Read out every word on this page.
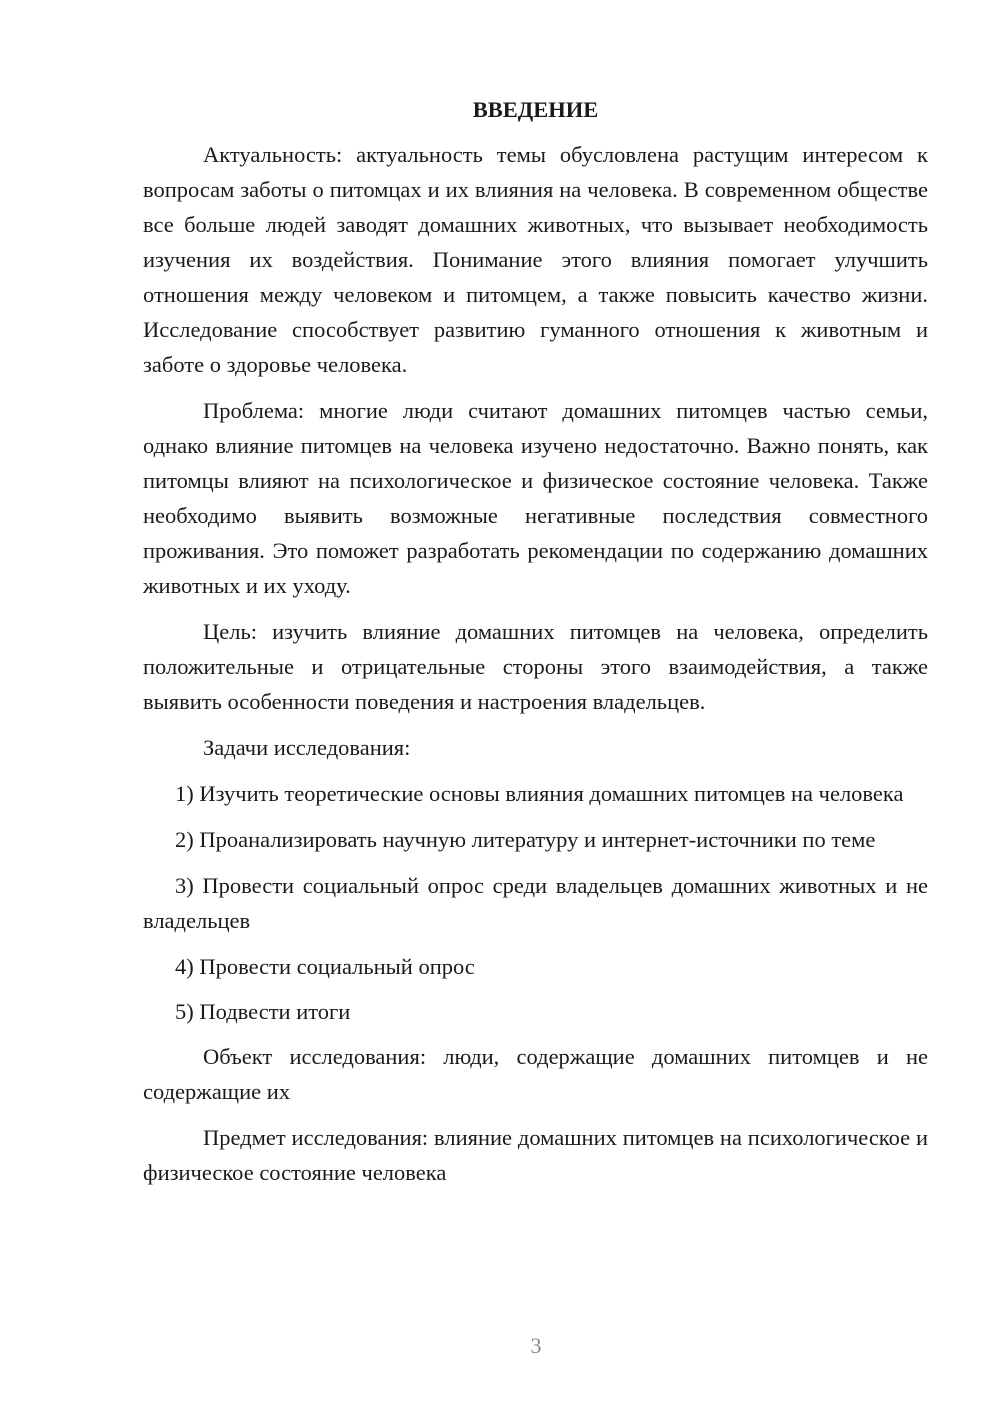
ВВЕДЕНИЕ

Актуальность: актуальность темы обусловлена растущим интересом к вопросам заботы о питомцах и их влияния на человека. В современном обществе все больше людей заводят домашних животных, что вызывает необходимость изучения их воздействия. Понимание этого влияния помогает улучшить отношения между человеком и питомцем, а также повысить качество жизни. Исследование способствует развитию гуманного отношения к животным и заботе о здоровье человека.

Проблема: многие люди считают домашних питомцев частью семьи, однако влияние питомцев на человека изучено недостаточно. Важно понять, как питомцы влияют на психологическое и физическое состояние человека. Также необходимо выявить возможные негативные последствия совместного проживания. Это поможет разработать рекомендации по содержанию домашних животных и их уходу.

Цель: изучить влияние домашних питомцев на человека, определить положительные и отрицательные стороны этого взаимодействия, а также выявить особенности поведения и настроения владельцев.

Задачи исследования:

1) Изучить теоретические основы влияния домашних питомцев на человека

2) Проанализировать научную литературу и интернет-источники по теме

3) Провести социальный опрос среди владельцев домашних животных и не владельцев

4) Провести социальный опрос

5) Подвести итоги

Объект исследования: люди, содержащие домашних питомцев и не содержащие их

Предмет исследования: влияние домашних питомцев на психологическое и физическое состояние человека

3
